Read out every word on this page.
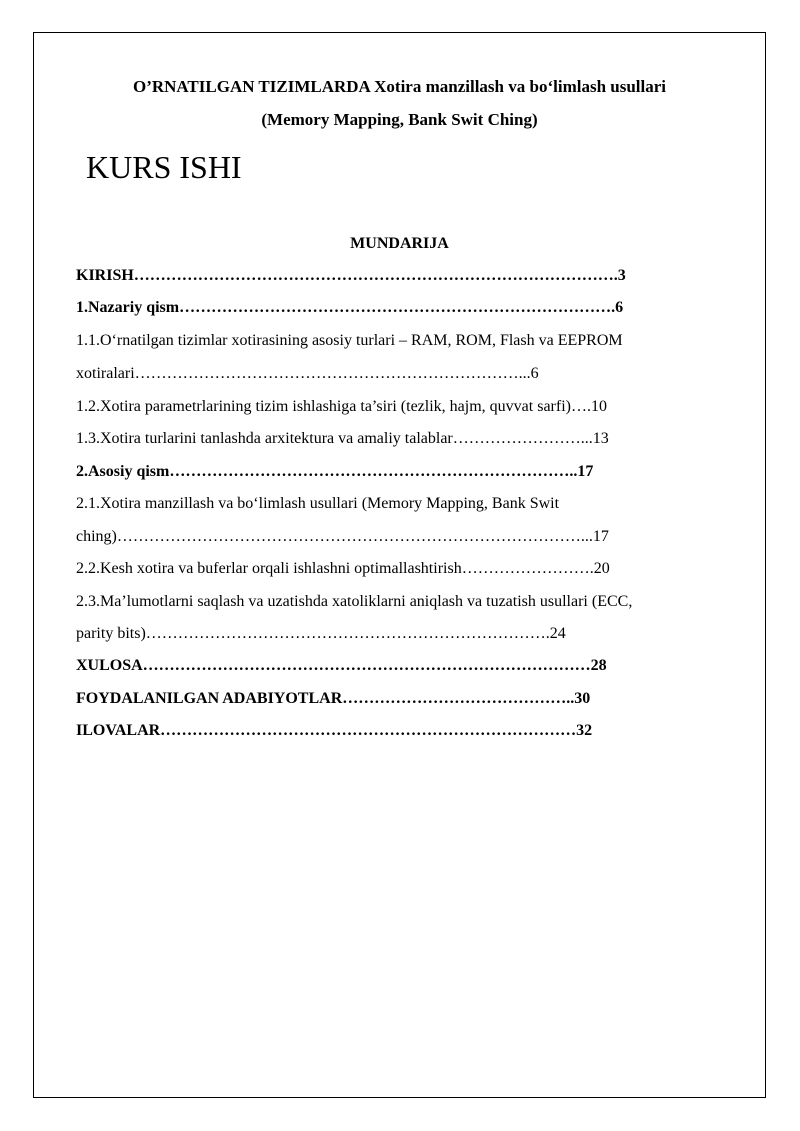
O’RNATILGAN TIZIMLARDA Xotira manzillash va bo‘limlash usullari
(Memory Mapping, Bank Swit Ching)
KURS ISHI
MUNDARIJA
KIRISH……………………………………………………………………………….3
1.Nazariy qism……………………………………………………………………….6
1.1.O‘rnatilgan tizimlar xotirasining asosiy turlari – RAM, ROM, Flash va EEPROM
xotiralari………………………………………………………………...6
1.2.Xotira parametrlarining tizim ishlashiga ta’siri (tezlik, hajm, quvvat sarfi)….10
1.3.Xotira turlarini tanlashda arxitektura va amaliy talablar……………………...13
2.Asosiy qism…………………………………………………………………..17
2.1.Xotira manzillash va bo‘limlash usullari (Memory Mapping, Bank Swit
ching)……………………………………………………………………………...17
2.2.Kesh xotira va buferlar orqali ishlashni optimallashtirish…………………….20
2.3.Ma’lumotlarni saqlash va uzatishda xatoliklarni aniqlash va tuzatish usullari (ECC,
parity bits)………………………………………………………………….24
XULOSA…………………………………………………………………………28
FOYDALANILGAN ADABIYOTLAR……………………………………..30
ILOVALAR……………………………………………………………………32
